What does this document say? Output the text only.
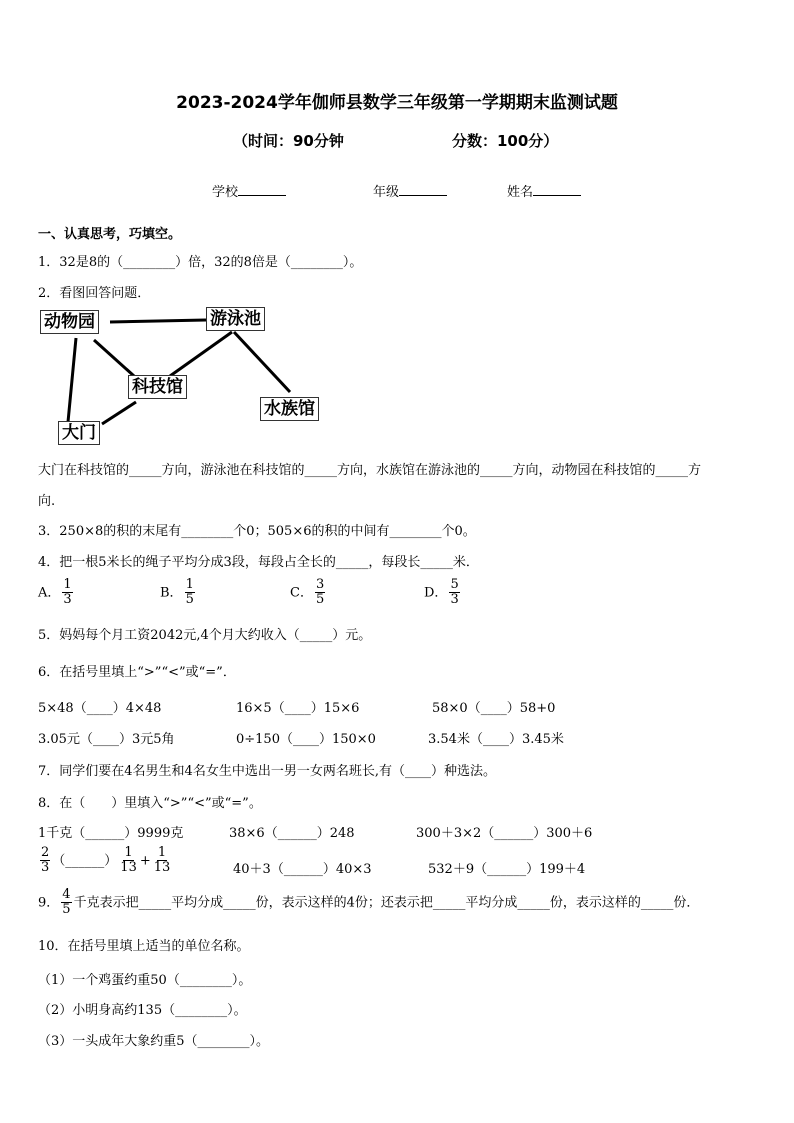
2023-2024学年伽师县数学三年级第一学期期末监测试题
（时间：90分钟	分数：100分）
学校	年级	姓名
一、认真思考，巧填空。
1．32是8的（________）倍，32的8倍是（________）。
2．看图回答问题．
动物园	游泳池
科技馆
水族馆
大门
大门在科技馆的_____方向，游泳池在科技馆的_____方向，水族馆在游泳池的_____方向，动物园在科技馆的_____方
向.
3．250×8的积的末尾有________个0；505×6的积的中间有________个0。
4．把一根5米长的绳子平均分成3段，每段占全长的_____，每段长_____米．
A． $\frac{1}{3}$	B． $\frac{1}{5}$	C． $\frac{3}{5}$	D． $\frac{5}{3}$
5．妈妈每个月工资2042元,4个月大约收入（_____）元。
6．在括号里填上“>”“<”或“=”．
5×48（____）4×48	16×5（____）15×6	58×0（____）58+0
3.05元（____）3元5角	0÷150（____）150×0	3.54米（____）3.45米
7．同学们要在4名男生和4名女生中选出一男一女两名班长,有（____）种选法。
8．在（　　）里填入“>”“<”或“=”。
1千克（______）9999克	38×6（______）248	300＋3×2（______）300＋6
$\frac{2}{3}$ （______） $\frac{1}{13} + \frac{1}{13}$	40＋3（______）40×3	532＋9（______）199＋4
9． $\frac{4}{5}$ 千克表示把_____平均分成_____份，表示这样的4份；还表示把_____平均分成_____份，表示这样的_____份．
10．在括号里填上适当的单位名称。
（1）一个鸡蛋约重50（________）。
（2）小明身高约135（________）。
（3）一头成年大象约重5（________）。
